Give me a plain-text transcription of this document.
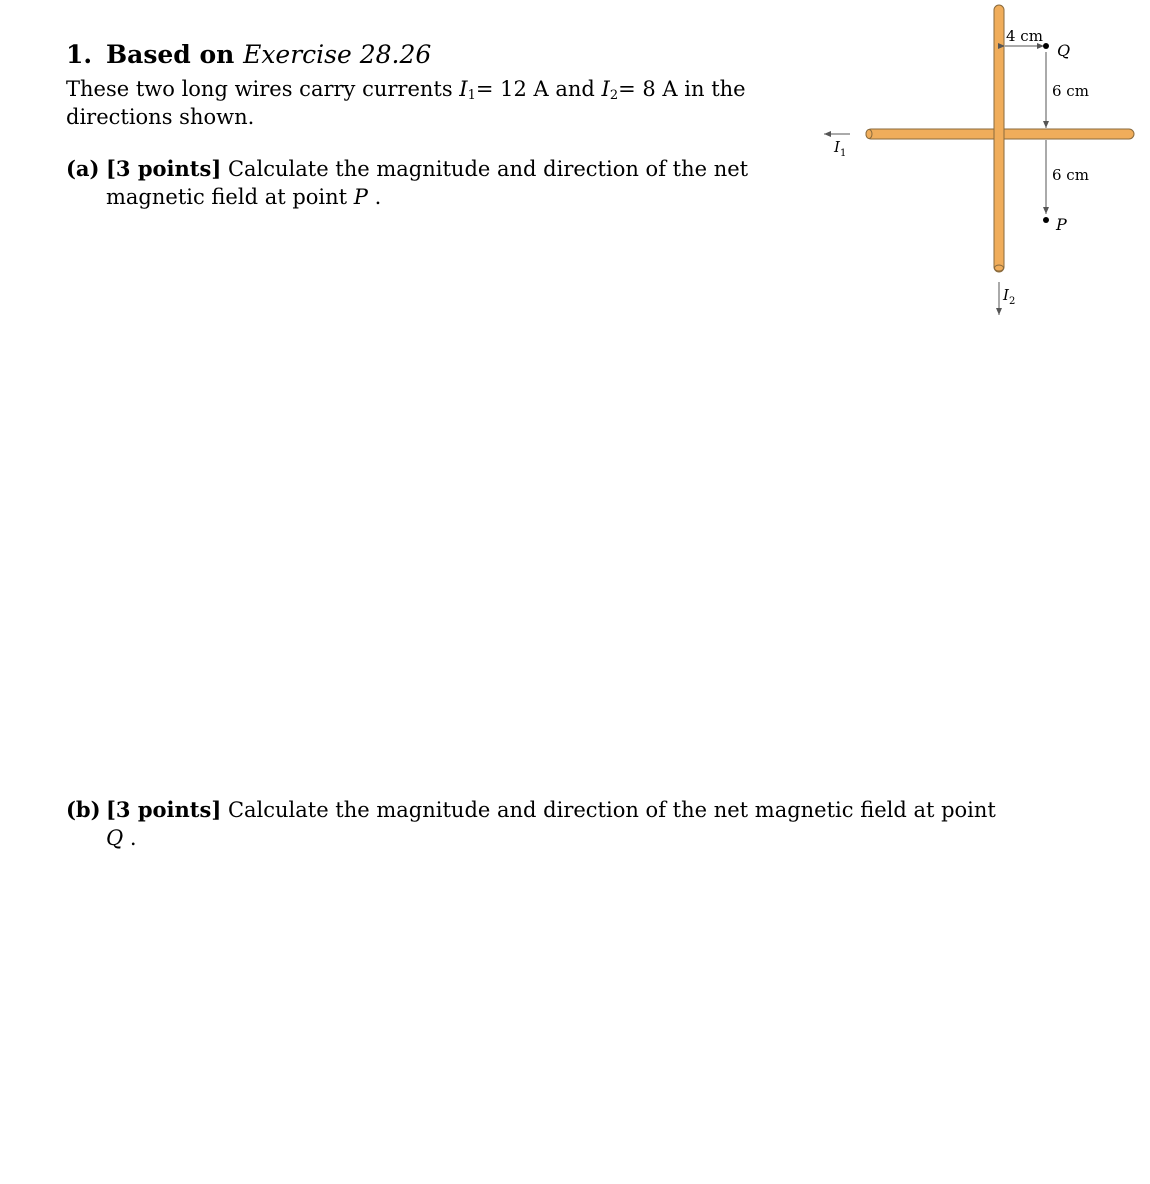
1. Based on Exercise 28.26
These two long wires carry currents $I_1= 12$ A and $I_2= 8$ A in the directions shown.
(a) [3 points] Calculate the magnitude and direction of the net magnetic field at point P .
(b) [3 points] Calculate the magnitude and direction of the net magnetic field at point Q .
$I_1$
$I_2$
4 cm
Q
6 cm
6 cm
P
